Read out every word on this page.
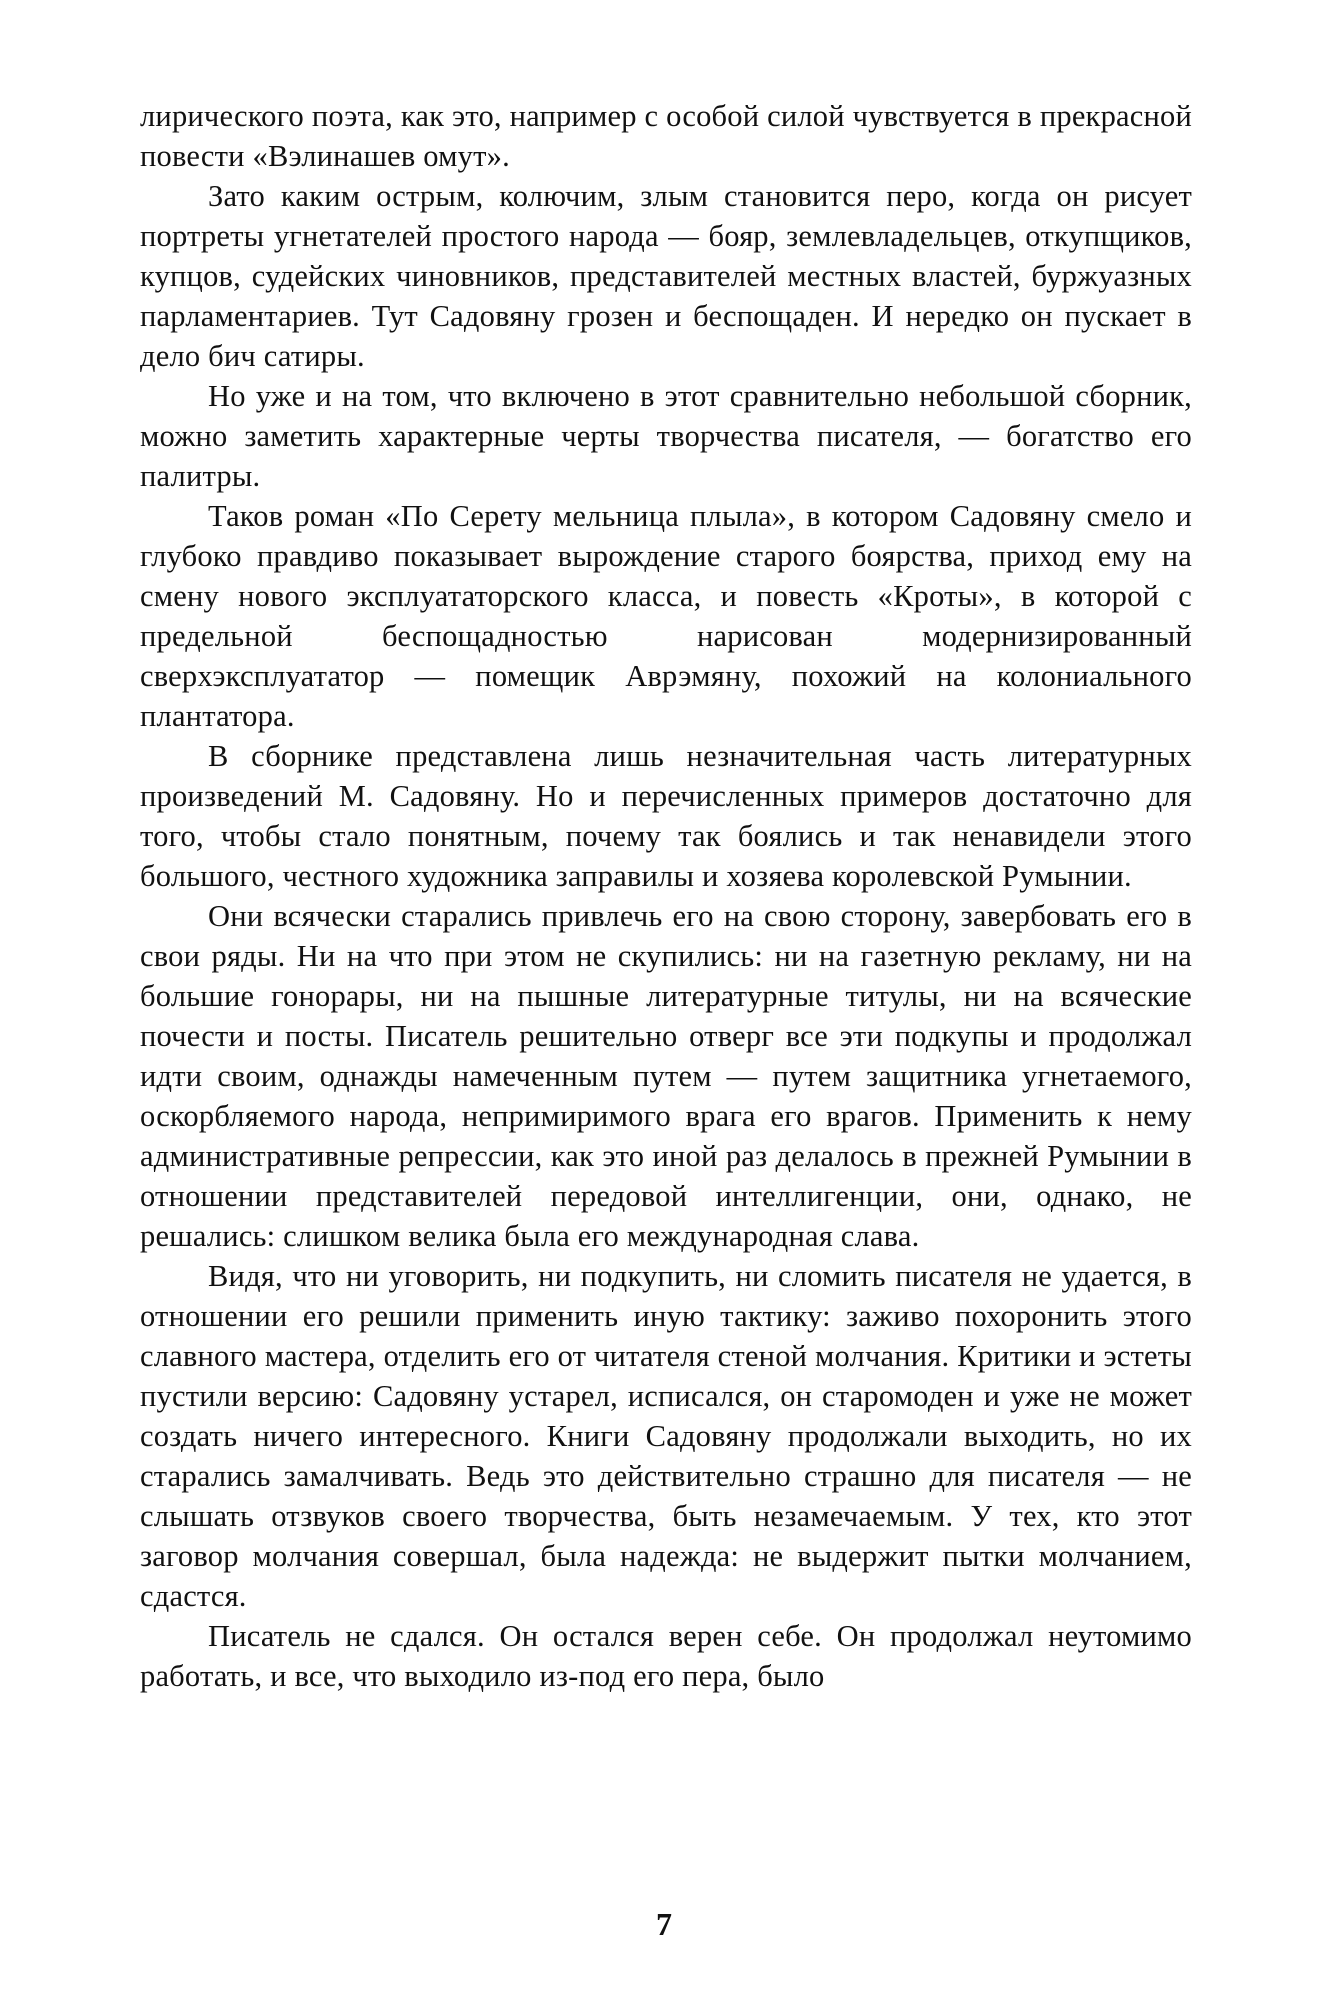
лирического поэта, как это, например с особой силой чувствуется в прекрасной повести «Вэлинашев омут».

Зато каким острым, колючим, злым становится перо, когда он рисует портреты угнетателей простого народа — бояр, землевладельцев, откупщиков, купцов, судейских чиновников, представителей местных властей, буржуазных парламентариев. Тут Садовяну грозен и беспощаден. И нередко он пускает в дело бич сатиры.

Но уже и на том, что включено в этот сравнительно небольшой сборник, можно заметить характерные черты творчества писателя, — богатство его палитры.

Таков роман «По Серету мельница плыла», в котором Садовяну смело и глубоко правдиво показывает вырождение старого боярства, приход ему на смену нового эксплуататорского класса, и повесть «Кроты», в которой с предельной беспощадностью нарисован модернизированный сверхэксплуататор — помещик Аврэмяну, похожий на колониального плантатора.

В сборнике представлена лишь незначительная часть литературных произведений М. Садовяну. Но и перечисленных примеров достаточно для того, чтобы стало понятным, почему так боялись и так ненавидели этого большого, честного художника заправилы и хозяева королевской Румынии.

Они всячески старались привлечь его на свою сторону, завербовать его в свои ряды. Ни на что при этом не скупились: ни на газетную рекламу, ни на большие гонорары, ни на пышные литературные титулы, ни на всяческие почести и посты. Писатель решительно отверг все эти подкупы и продолжал идти своим, однажды намеченным путем — путем защитника угнетаемого, оскорбляемого народа, непримиримого врага его врагов. Применить к нему административные репрессии, как это иной раз делалось в прежней Румынии в отношении представителей передовой интеллигенции, они, однако, не решались: слишком велика была его международная слава.

Видя, что ни уговорить, ни подкупить, ни сломить писателя не удается, в отношении его решили применить иную тактику: заживо похоронить этого славного мастера, отделить его от читателя стеной молчания. Критики и эстеты пустили версию: Садовяну устарел, исписался, он старомоден и уже не может создать ничего интересного. Книги Садовяну продолжали выходить, но их старались замалчивать. Ведь это действительно страшно для писателя — не слышать отзвуков своего творчества, быть незамечаемым. У тех, кто этот заговор молчания совершал, была надежда: не выдержит пытки молчанием, сдастся.

Писатель не сдался. Он остался верен себе. Он продолжал неутомимо работать, и все, что выходило из-под его пера, было

7
